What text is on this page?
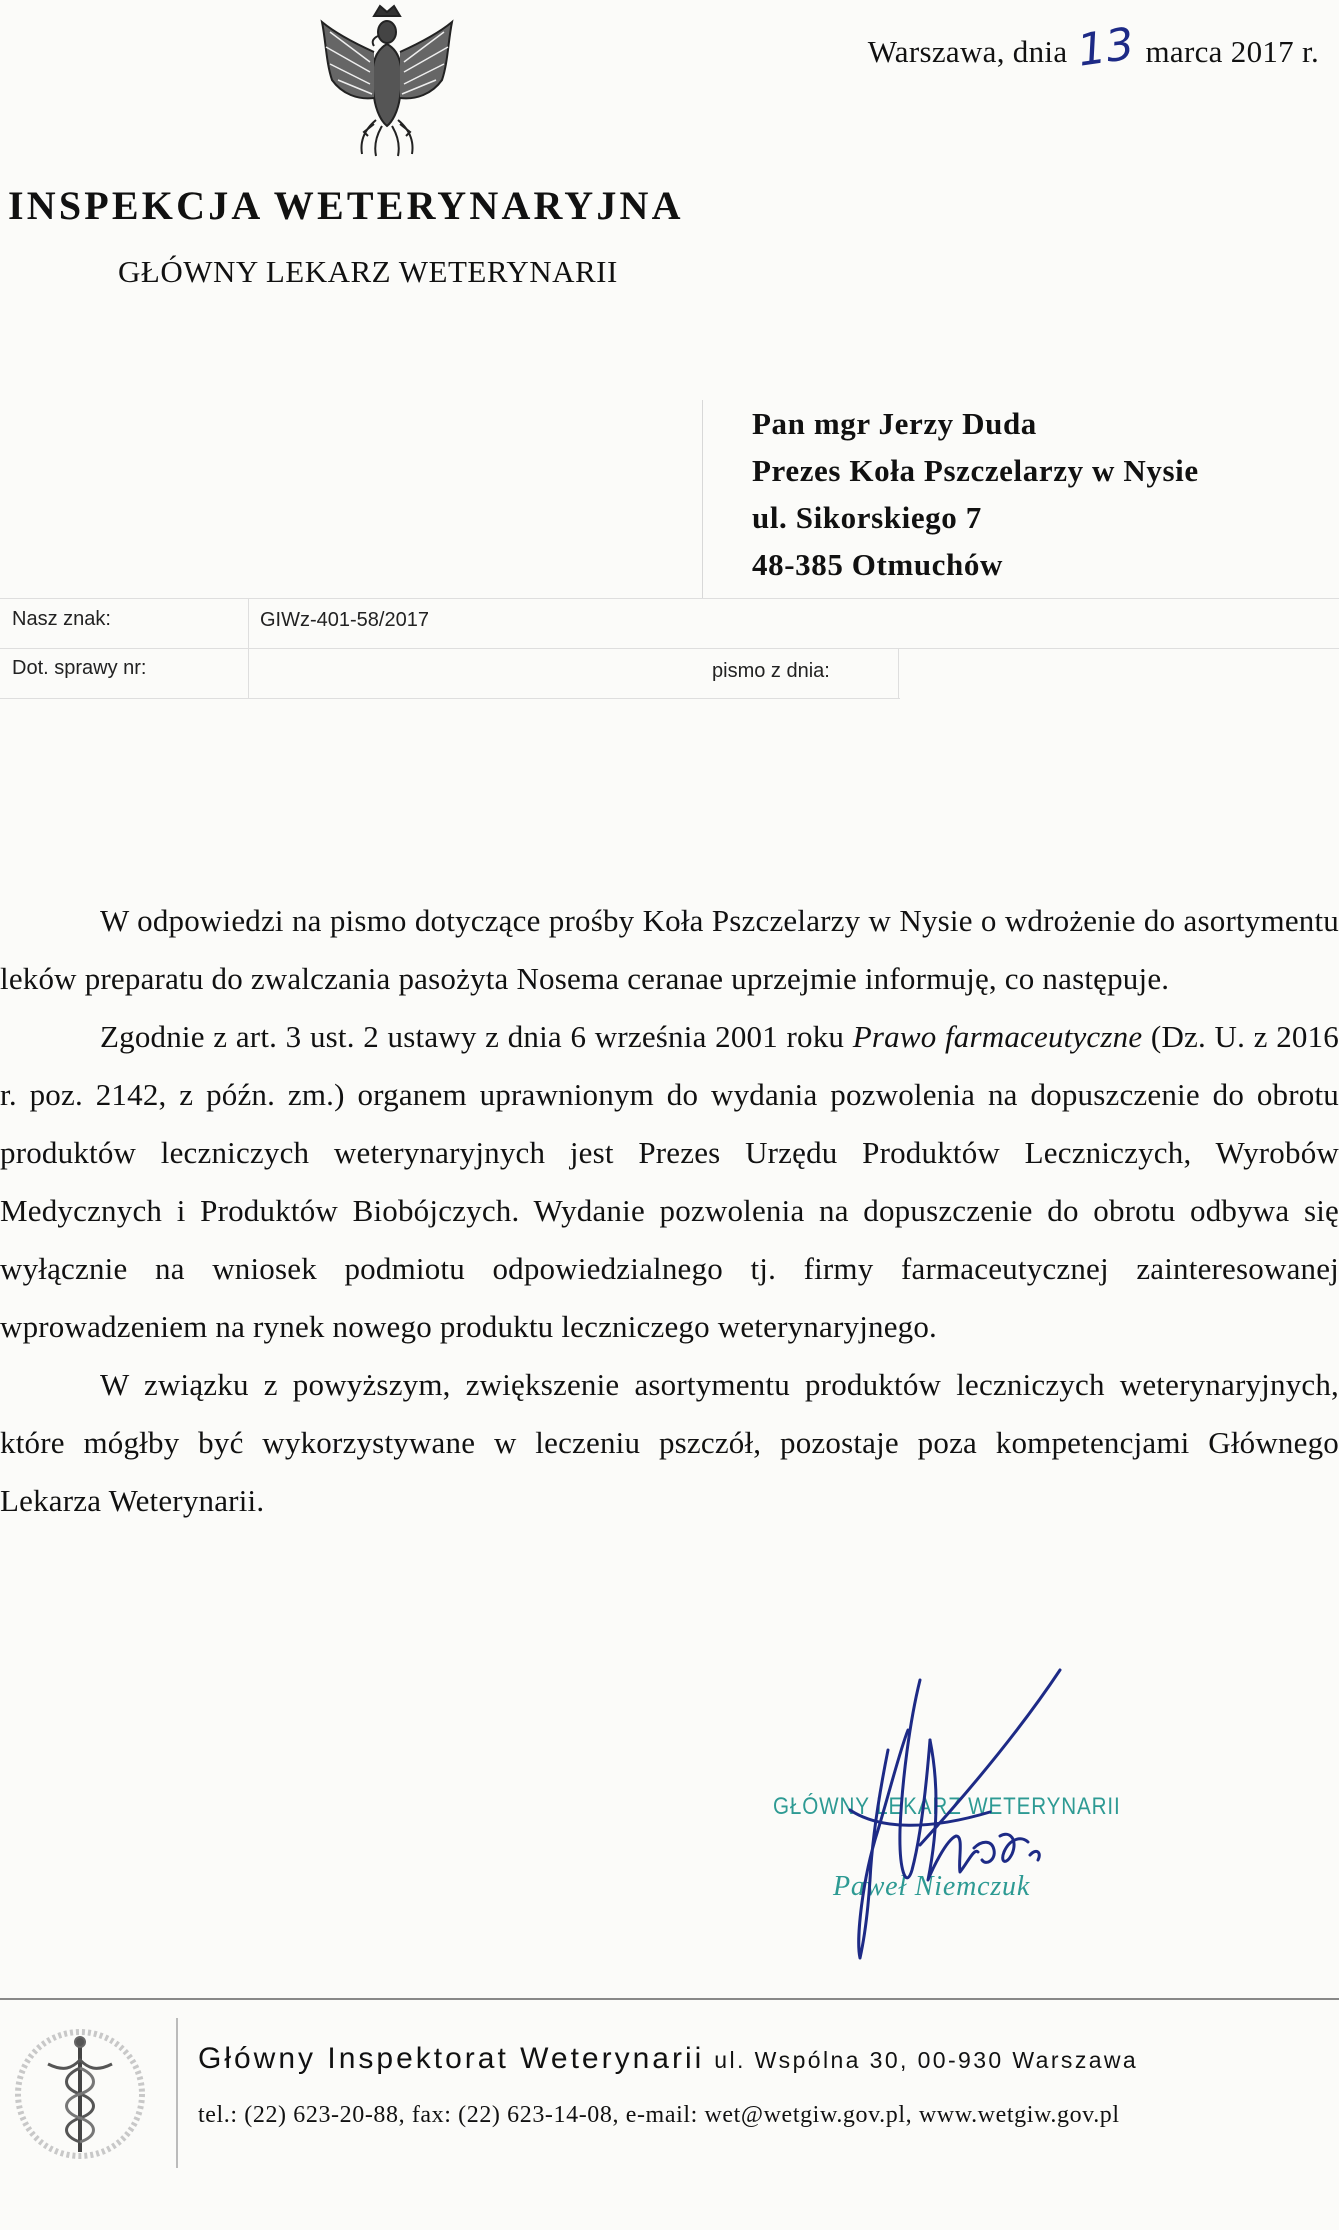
Warszawa, dnia 13 marca 2017 r.
INSPEKCJA WETERYNARYJNA
GŁÓWNY LEKARZ WETERYNARII
Pan mgr Jerzy Duda
Prezes Koła Pszczelarzy w Nysie
ul. Sikorskiego 7
48-385 Otmuchów
Nasz znak:	GIWz-401-58/2017
Dot. sprawy nr:	pismo z dnia:

W odpowiedzi na pismo dotyczące prośby Koła Pszczelarzy w Nysie o wdrożenie do asortymentu leków preparatu do zwalczania pasożyta Nosema ceranae uprzejmie informuję, co następuje.

Zgodnie z art. 3 ust. 2 ustawy z dnia 6 września 2001 roku Prawo farmaceutyczne (Dz. U. z 2016 r. poz. 2142, z późn. zm.) organem uprawnionym do wydania pozwolenia na dopuszczenie do obrotu produktów leczniczych weterynaryjnych jest Prezes Urzędu Produktów Leczniczych, Wyrobów Medycznych i Produktów Biobójczych. Wydanie pozwolenia na dopuszczenie do obrotu odbywa się wyłącznie na wniosek podmiotu odpowiedzialnego tj. firmy farmaceutycznej zainteresowanej wprowadzeniem na rynek nowego produktu leczniczego weterynaryjnego.

W związku z powyższym, zwiększenie asortymentu produktów leczniczych weterynaryjnych, które mógłby być wykorzystywane w leczeniu pszczół, pozostaje poza kompetencjami Głównego Lekarza Weterynarii.

GŁÓWNY LEKARZ WETERYNARII
Paweł Niemczuk
Główny Inspektorat Weterynarii ul. Wspólna 30, 00-930 Warszawa
tel.: (22) 623-20-88, fax: (22) 623-14-08, e-mail: wet@wetgiw.gov.pl, www.wetgiw.gov.pl
